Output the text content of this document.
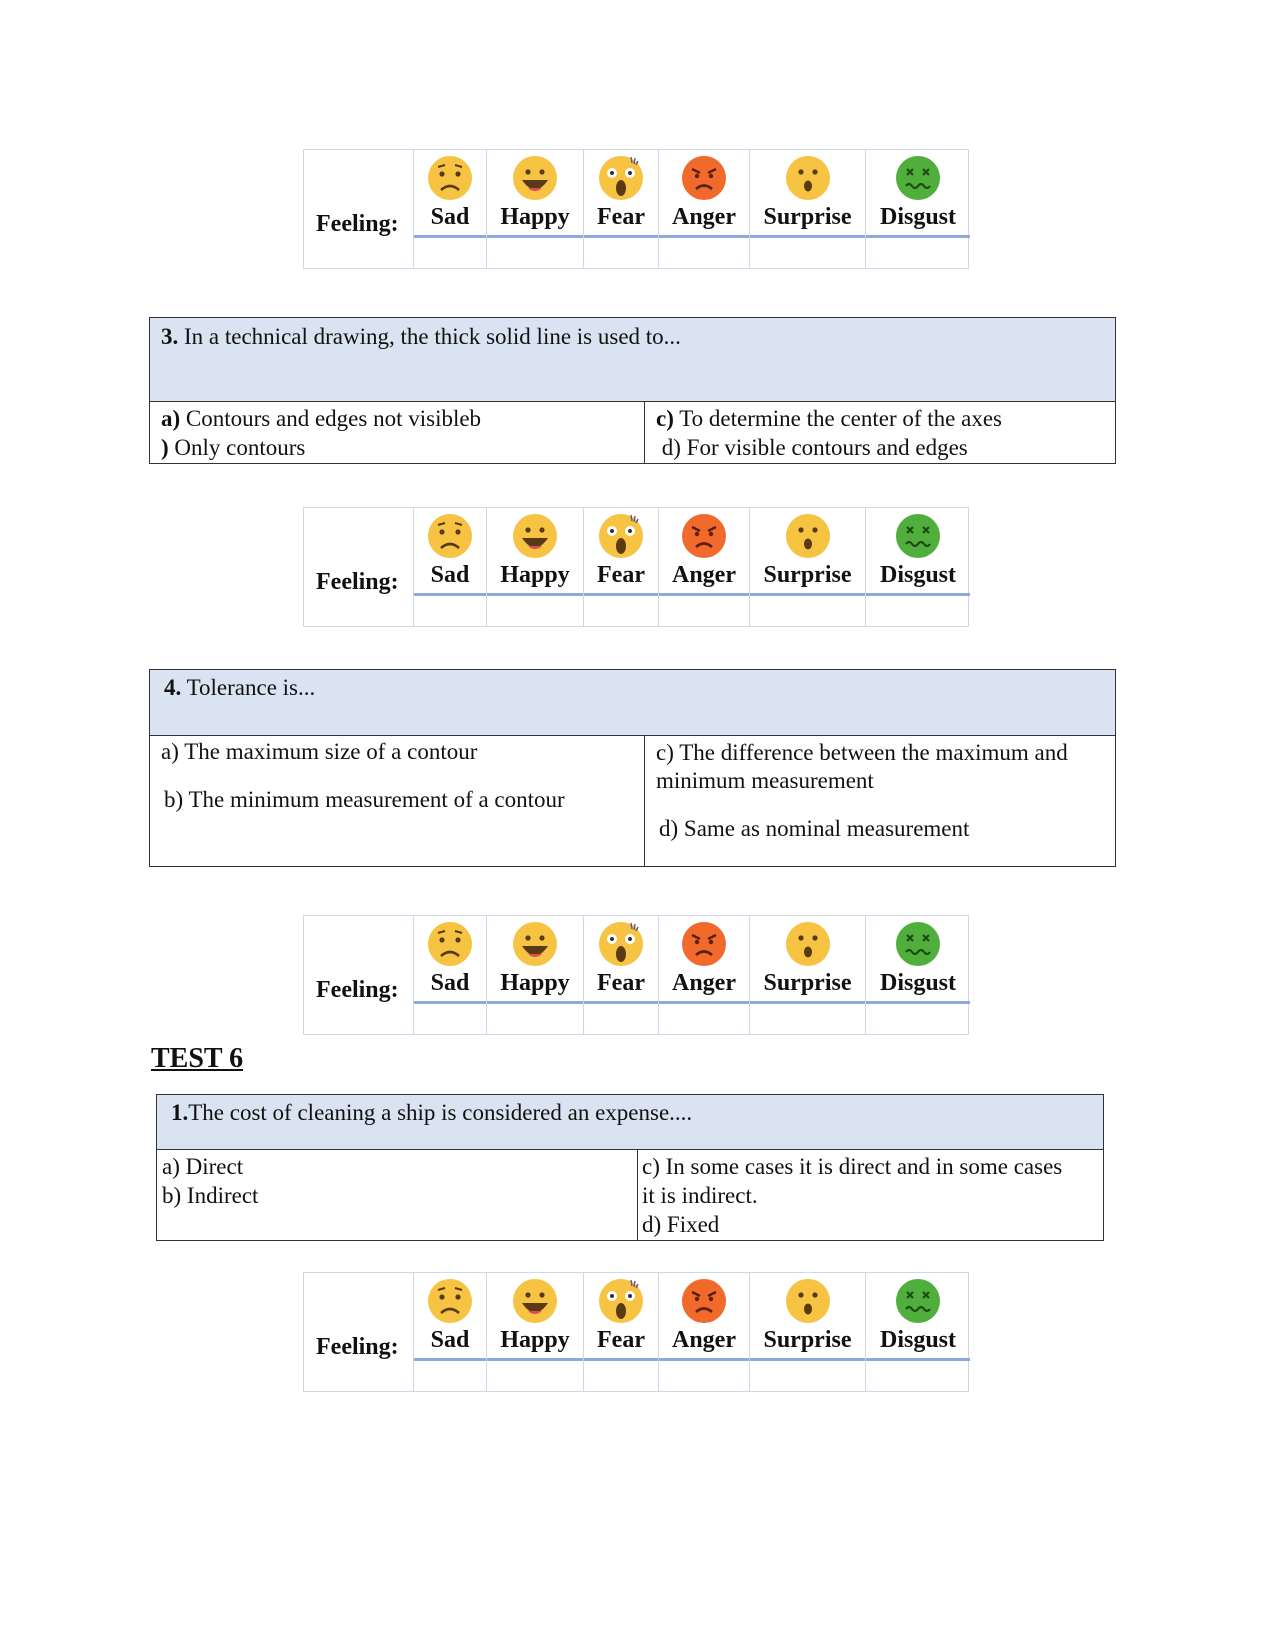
Feeling:	Sad	Happy	Fear	Anger	Surprise	Disgust
Feeling:	Sad	Happy	Fear	Anger	Surprise	Disgust
Feeling:	Sad	Happy	Fear	Anger	Surprise	Disgust
Feeling:	Sad	Happy	Fear	Anger	Surprise	Disgust
3. In a technical drawing, the thick solid line is used to...
a) Contours and edges not visibleb
) Only contours
c) To determine the center of the axes
d) For visible contours and edges
4. Tolerance is...
a) The maximum size of a contour
b) The minimum measurement of a contour
c) The difference between the maximum and
minimum measurement
d) Same as nominal measurement
TEST 6
1.The cost of cleaning a ship is considered an expense....
a) Direct
b) Indirect
c) In some cases it is direct and in some cases
it is indirect.
d) Fixed
